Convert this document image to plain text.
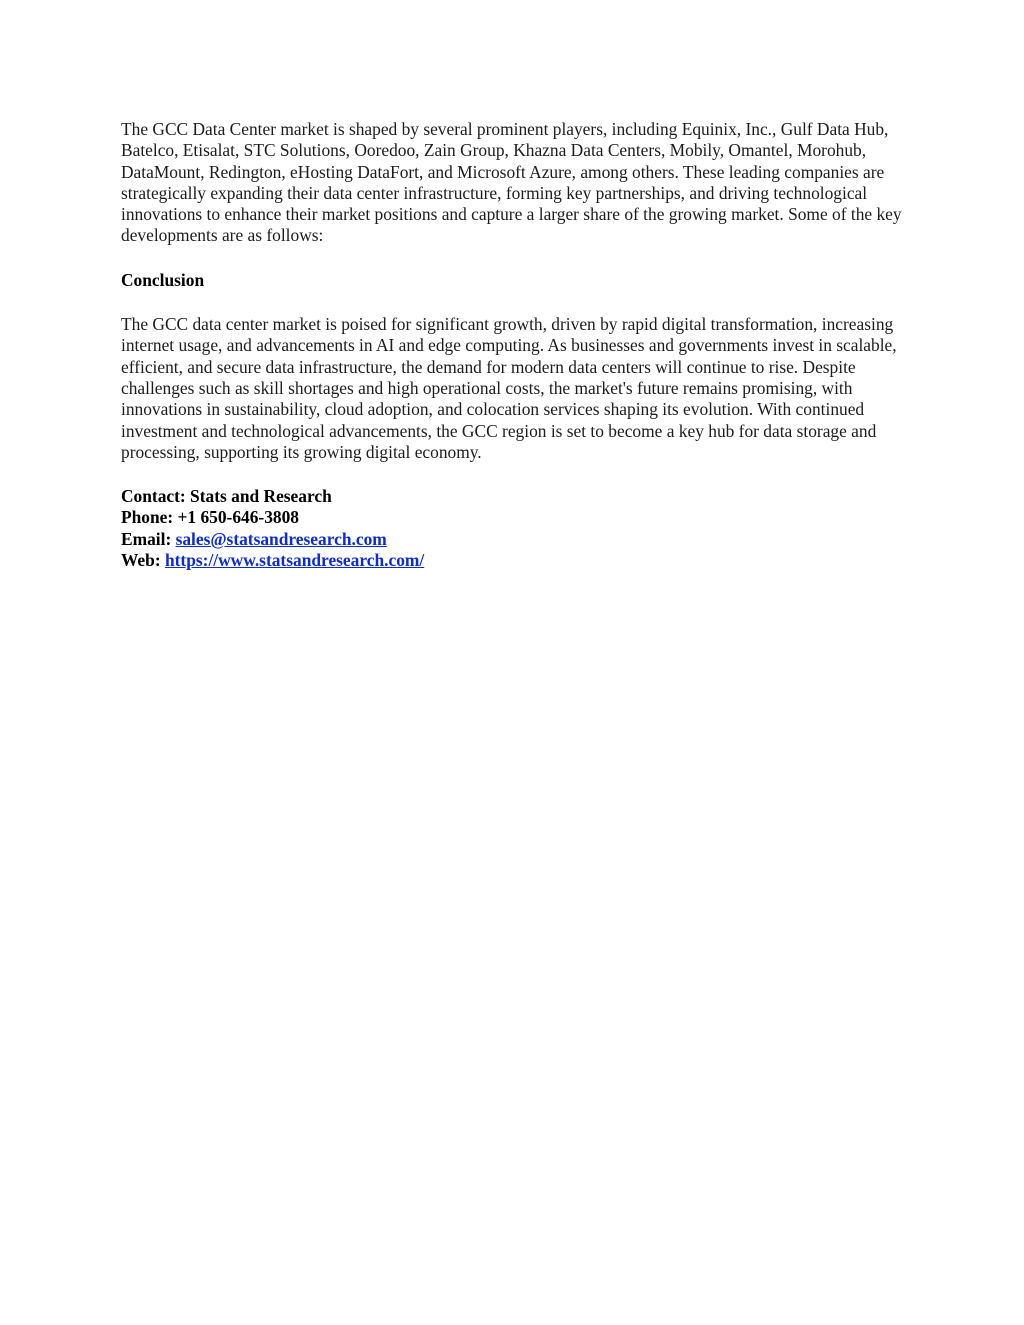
The GCC Data Center market is shaped by several prominent players, including Equinix, Inc., Gulf Data Hub, Batelco, Etisalat, STC Solutions, Ooredoo, Zain Group, Khazna Data Centers, Mobily, Omantel, Morohub, DataMount, Redington, eHosting DataFort, and Microsoft Azure, among others. These leading companies are strategically expanding their data center infrastructure, forming key partnerships, and driving technological innovations to enhance their market positions and capture a larger share of the growing market. Some of the key developments are as follows:

Conclusion

The GCC data center market is poised for significant growth, driven by rapid digital transformation, increasing internet usage, and advancements in AI and edge computing. As businesses and governments invest in scalable, efficient, and secure data infrastructure, the demand for modern data centers will continue to rise. Despite challenges such as skill shortages and high operational costs, the market's future remains promising, with innovations in sustainability, cloud adoption, and colocation services shaping its evolution. With continued investment and technological advancements, the GCC region is set to become a key hub for data storage and processing, supporting its growing digital economy.

Contact: Stats and Research

Phone: +1 650-646-3808

Email: sales@statsandresearch.com

Web: https://www.statsandresearch.com/
